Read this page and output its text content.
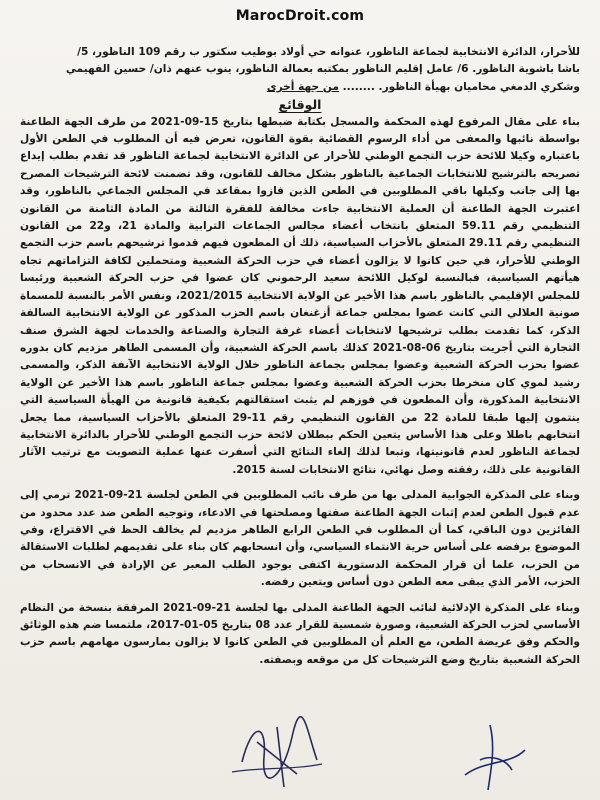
MarocDroit.com

للأحرار، الدائرة الانتخابية لجماعة الناظور، عنوانه حي أولاد بوطيب سكتور ب رقم 109 الناظور، 5/

باشا باشوية الناظور. 6/ عامل إقليم الناظور بمكتبه بعمالة الناظور، ينوب عنهم ذان/ حسين الفهيمي

وشكري الدمغي محاميان بهيأة الناظور. ........ من جهة أخرى

الوقائع

بناء على مقال المرفوع لهذه المحكمة والمسجل بكتابة ضبطها بتاريخ 15-09-2021 من طرف الجهة الطاعنة بواسطة نائبها والمعفى من أداء الرسوم القضائية بقوة القانون، تعرض فيه أن المطلوب في الطعن الأول باعتباره وكيلا للائحة حزب التجمع الوطني للأحرار عن الدائرة الانتخابية لجماعة الناظور قد تقدم بطلب إيداع تصريحه بالترشيح للانتخابات الجماعية بالناظور بشكل مخالف للقانون، وقد تضمنت لائحة الترشيحات المصرح بها إلى جانب وكيلها باقي المطلوبين في الطعن الذين فازوا بمقاعد في المجلس الجماعي بالناظور، وقد اعتبرت الجهة الطاعنة أن العملية الانتخابية جاءت مخالفة للفقرة الثالثة من المادة الثامنة من القانون التنظيمي رقم 59.11 المتعلق بانتخاب أعضاء مجالس الجماعات الترابية والمادة 21، و22 من القانون التنظيمي رقم 29.11 المتعلق بالأحزاب السياسية، ذلك أن المطعون فيهم قدموا ترشيحهم باسم حزب التجمع الوطني للأحرار، في حين كانوا لا يزالون أعضاء في حزب الحركة الشعبية ومتحملين لكافة التزاماتهم تجاه هيأتهم السياسية، فبالنسبة لوكيل اللائحة سعيد الرحموني كان عضوا في حزب الحركة الشعبية ورئيسا للمجلس الإقليمي بالناظور باسم هذا الأخير عن الولاية الانتخابية 2021/2015، ونفس الأمر بالنسبة للمسماة صونية العلالي التي كانت عضوا بمجلس جماعة أزغنغان باسم الحزب المذكور عن الولاية الانتخابية السالفة الذكر، كما تقدمت بطلب ترشيحها لانتخابات أعضاء غرفة التجارة والصناعة والخدمات لجهة الشرق صنف التجارة التي أجريت بتاريخ 06-08-2021 كذلك باسم الحركة الشعبية، وأن المسمى الطاهر مزديم كان بدوره عضوا بحزب الحركة الشعبية وعضوا بمجلس بجماعة الناظور خلال الولاية الانتخابية الآنفة الذكر، والمسمى رشيد لموي كان منخرطا بحزب الحركة الشعبية وعضوا بمجلس جماعة الناظور باسم هذا الأخير عن الولاية الانتخابية المذكورة، وأن المطعون في فوزهم لم يثبت استقالتهم بكيفية قانونية من الهيأة السياسية التي ينتمون إليها طبقا للمادة 22 من القانون التنظيمي رقم 11-29 المتعلق بالأحزاب السياسية، مما يجعل انتخابهم باطلا وعلى هذا الأساس يتعين الحكم ببطلان لائحة حزب التجمع الوطني للأحرار بالدائرة الانتخابية لجماعة الناظور لعدم قانونيتها، وتبعا لذلك إلغاء النتائج التي أسفرت عنها عملية التصويت مع ترتيب الآثار القانونية على ذلك، رفقته وصل نهائي، نتائج الانتخابات لسنة 2015.

وبناء على المذكرة الجوابية المدلى بها من طرف نائب المطلوبين في الطعن لجلسة 21-09-2021 ترمي إلى عدم قبول الطعن لعدم إثبات الجهة الطاعنة صفتها ومصلحتها في الادعاء، وتوجيه الطعن ضد عدد محدود من الفائزين دون الباقي، كما أن المطلوب في الطعن الرابع الطاهر مزديم لم يخالف الحظ في الاقتراع، وفي الموضوع برفضه على أساس حرية الانتماء السياسي، وأن انسحابهم كان بناء على تقديمهم لطلبات الاستقالة من الحزب، علما أن قرار المحكمة الدستورية اكتفى بوجود الطلب المعبر عن الإرادة في الانسحاب من الحزب، الأمر الذي يبقى معه الطعن دون أساس ويتعين رفضه.

وبناء على المذكرة الإدلائية لنائب الجهة الطاعنة المدلى بها لجلسة 21-09-2021 المرفقة بنسخة من النظام الأساسي لحزب الحركة الشعبية، وصورة شمسية للقرار عدد 08 بتاريخ 05-01-2017، ملتمسا ضم هذه الوثائق والحكم وفق عريضة الطعن، مع العلم أن المطلوبين في الطعن كانوا لا يزالون يمارسون مهامهم باسم حزب الحركة الشعبية بتاريخ وضع الترشيحات كل من موقعه وبصفته.
